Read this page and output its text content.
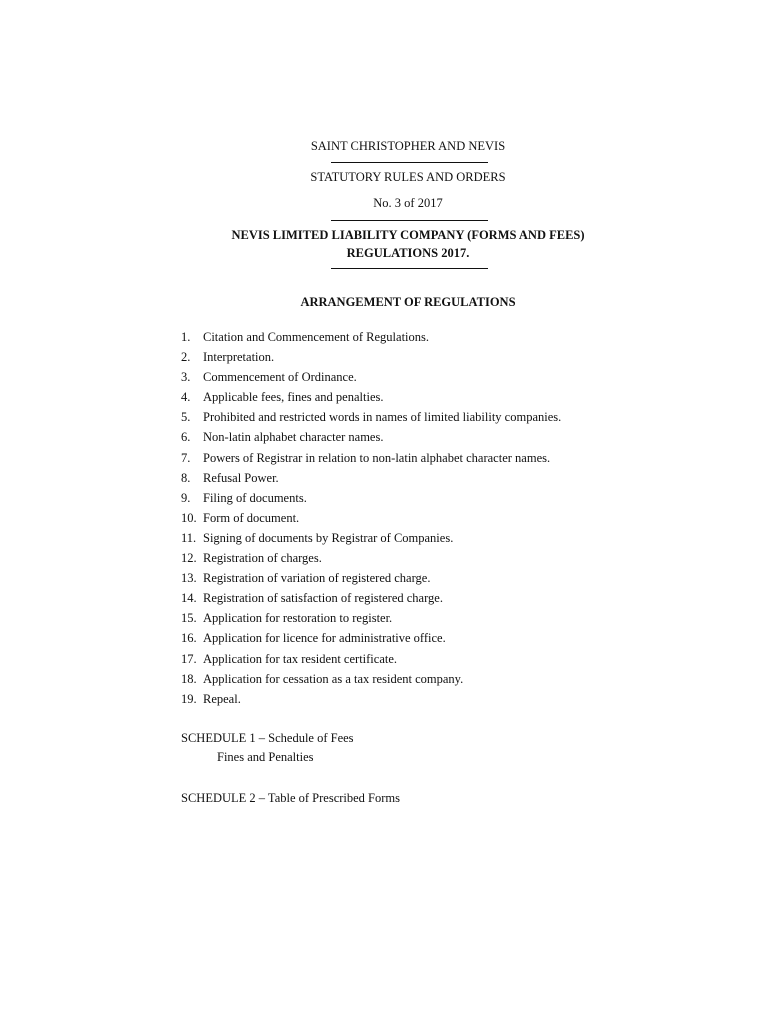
SAINT CHRISTOPHER AND NEVIS
STATUTORY RULES AND ORDERS
No. 3 of 2017
NEVIS LIMITED LIABILITY COMPANY (FORMS AND FEES)
REGULATIONS 2017.
ARRANGEMENT OF REGULATIONS
1. Citation and Commencement of Regulations.
2. Interpretation.
3. Commencement of Ordinance.
4. Applicable fees, fines and penalties.
5. Prohibited and restricted words in names of limited liability companies.
6. Non-latin alphabet character names.
7. Powers of Registrar in relation to non-latin alphabet character names.
8. Refusal Power.
9. Filing of documents.
10. Form of document.
11. Signing of documents by Registrar of Companies.
12. Registration of charges.
13. Registration of variation of registered charge.
14. Registration of satisfaction of registered charge.
15. Application for restoration to register.
16. Application for licence for administrative office.
17. Application for tax resident certificate.
18. Application for cessation as a tax resident company.
19. Repeal.
SCHEDULE 1 – Schedule of Fees
Fines and Penalties
SCHEDULE 2 – Table of Prescribed Forms
